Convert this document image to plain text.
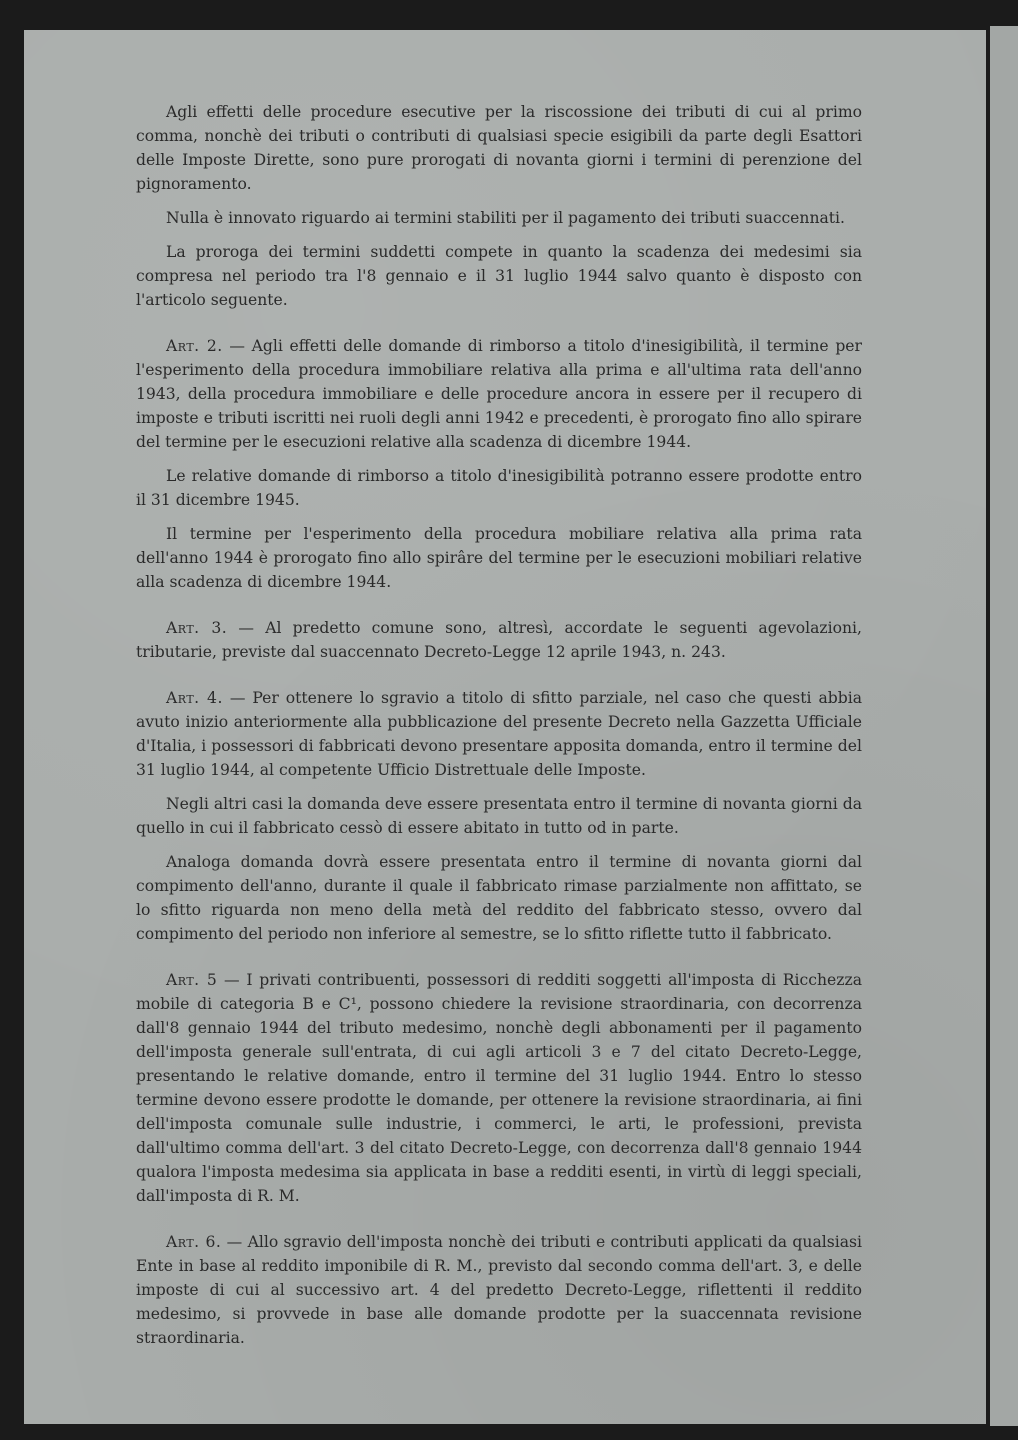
Agli effetti delle procedure esecutive per la riscossione dei tributi di cui al primo comma, nonchè dei tributi o contributi di qualsiasi specie esigibili da parte degli Esattori delle Imposte Dirette, sono pure prorogati di novanta giorni i termini di perenzione del pignoramento.

Nulla è innovato riguardo ai termini stabiliti per il pagamento dei tributi suaccennati.

La proroga dei termini suddetti compete in quanto la scadenza dei medesimi sia compresa nel periodo tra l'8 gennaio e il 31 luglio 1944 salvo quanto è disposto con l'articolo seguente.

Art. 2. — Agli effetti delle domande di rimborso a titolo d'inesigibilità, il termine per l'esperimento della procedura immobiliare relativa alla prima e all'ultima rata dell'anno 1943, della procedura immobiliare e delle procedure ancora in essere per il recupero di imposte e tributi iscritti nei ruoli degli anni 1942 e precedenti, è prorogato fino allo spirare del termine per le esecuzioni relative alla scadenza di dicembre 1944.

Le relative domande di rimborso a titolo d'inesigibilità potranno essere prodotte entro il 31 dicembre 1945.

Il termine per l'esperimento della procedura mobiliare relativa alla prima rata dell'anno 1944 è prorogato fino allo spirâre del termine per le esecuzioni mobiliari relative alla scadenza di dicembre 1944.

Art. 3. — Al predetto comune sono, altresì, accordate le seguenti agevolazioni, tributarie, previste dal suaccennato Decreto-Legge 12 aprile 1943, n. 243.

Art. 4. — Per ottenere lo sgravio a titolo di sfitto parziale, nel caso che questi abbia avuto inizio anteriormente alla pubblicazione del presente Decreto nella Gazzetta Ufficiale d'Italia, i possessori di fabbricati devono presentare apposita domanda, entro il termine del 31 luglio 1944, al competente Ufficio Distrettuale delle Imposte.

Negli altri casi la domanda deve essere presentata entro il termine di novanta giorni da quello in cui il fabbricato cessò di essere abitato in tutto od in parte.

Analoga domanda dovrà essere presentata entro il termine di novanta giorni dal compimento dell'anno, durante il quale il fabbricato rimase parzialmente non affittato, se lo sfitto riguarda non meno della metà del reddito del fabbricato stesso, ovvero dal compimento del periodo non inferiore al semestre, se lo sfitto riflette tutto il fabbricato.

Art. 5 — I privati contribuenti, possessori di redditi soggetti all'imposta di Ricchezza mobile di categoria B e C¹, possono chiedere la revisione straordinaria, con decorrenza dall'8 gennaio 1944 del tributo medesimo, nonchè degli abbonamenti per il pagamento dell'imposta generale sull'entrata, di cui agli articoli 3 e 7 del citato Decreto-Legge, presentando le relative domande, entro il termine del 31 luglio 1944. Entro lo stesso termine devono essere prodotte le domande, per ottenere la revisione straordinaria, ai fini dell'imposta comunale sulle industrie, i commerci, le arti, le professioni, prevista dall'ultimo comma dell'art. 3 del citato Decreto-Legge, con decorrenza dall'8 gennaio 1944 qualora l'imposta medesima sia applicata in base a redditi esenti, in virtù di leggi speciali, dall'imposta di R. M.

Art. 6. — Allo sgravio dell'imposta nonchè dei tributi e contributi applicati da qualsiasi Ente in base al reddito imponibile di R. M., previsto dal secondo comma dell'art. 3, e delle imposte di cui al successivo art. 4 del predetto Decreto-Legge, riflettenti il reddito medesimo, si provvede in base alle domande prodotte per la suaccennata revisione straordinaria.
